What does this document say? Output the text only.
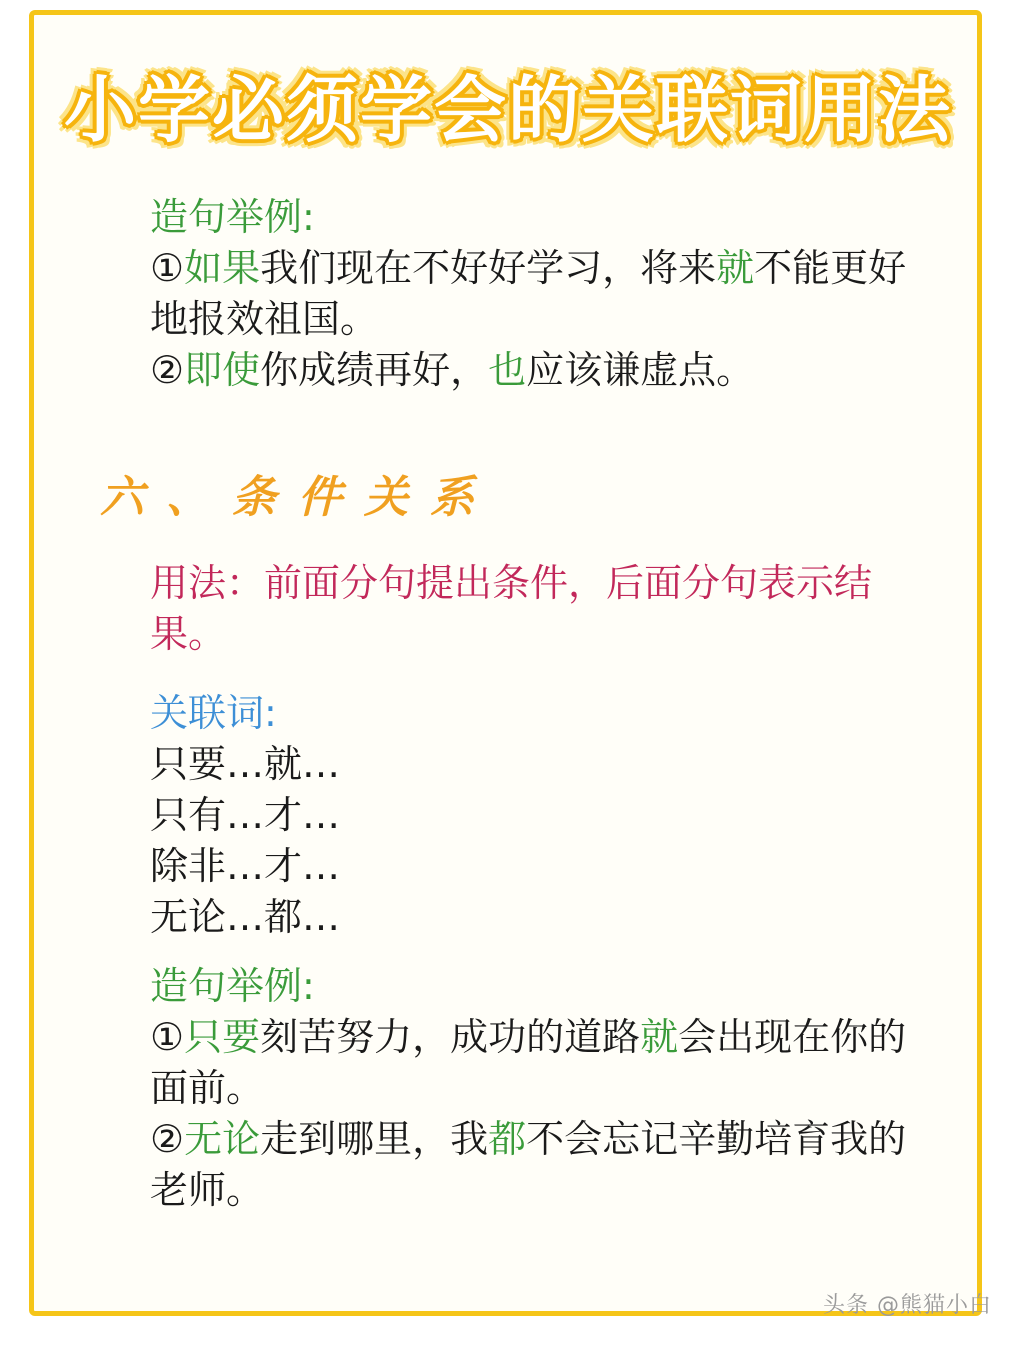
小学必须学会的关联词用法
造句举例:
①如果我们现在不好好学习，将来就不能更好地报效祖国。
②即使你成绩再好，也应该谦虚点。
六、条件关系
用法：前面分句提出条件，后面分句表示结果。
关联词:
只要…就…
只有…才…
除非…才…
无论…都…
造句举例:
①只要刻苦努力，成功的道路就会出现在你的面前。
②无论走到哪里，我都不会忘记辛勤培育我的老师。
头条 @熊猫小白
